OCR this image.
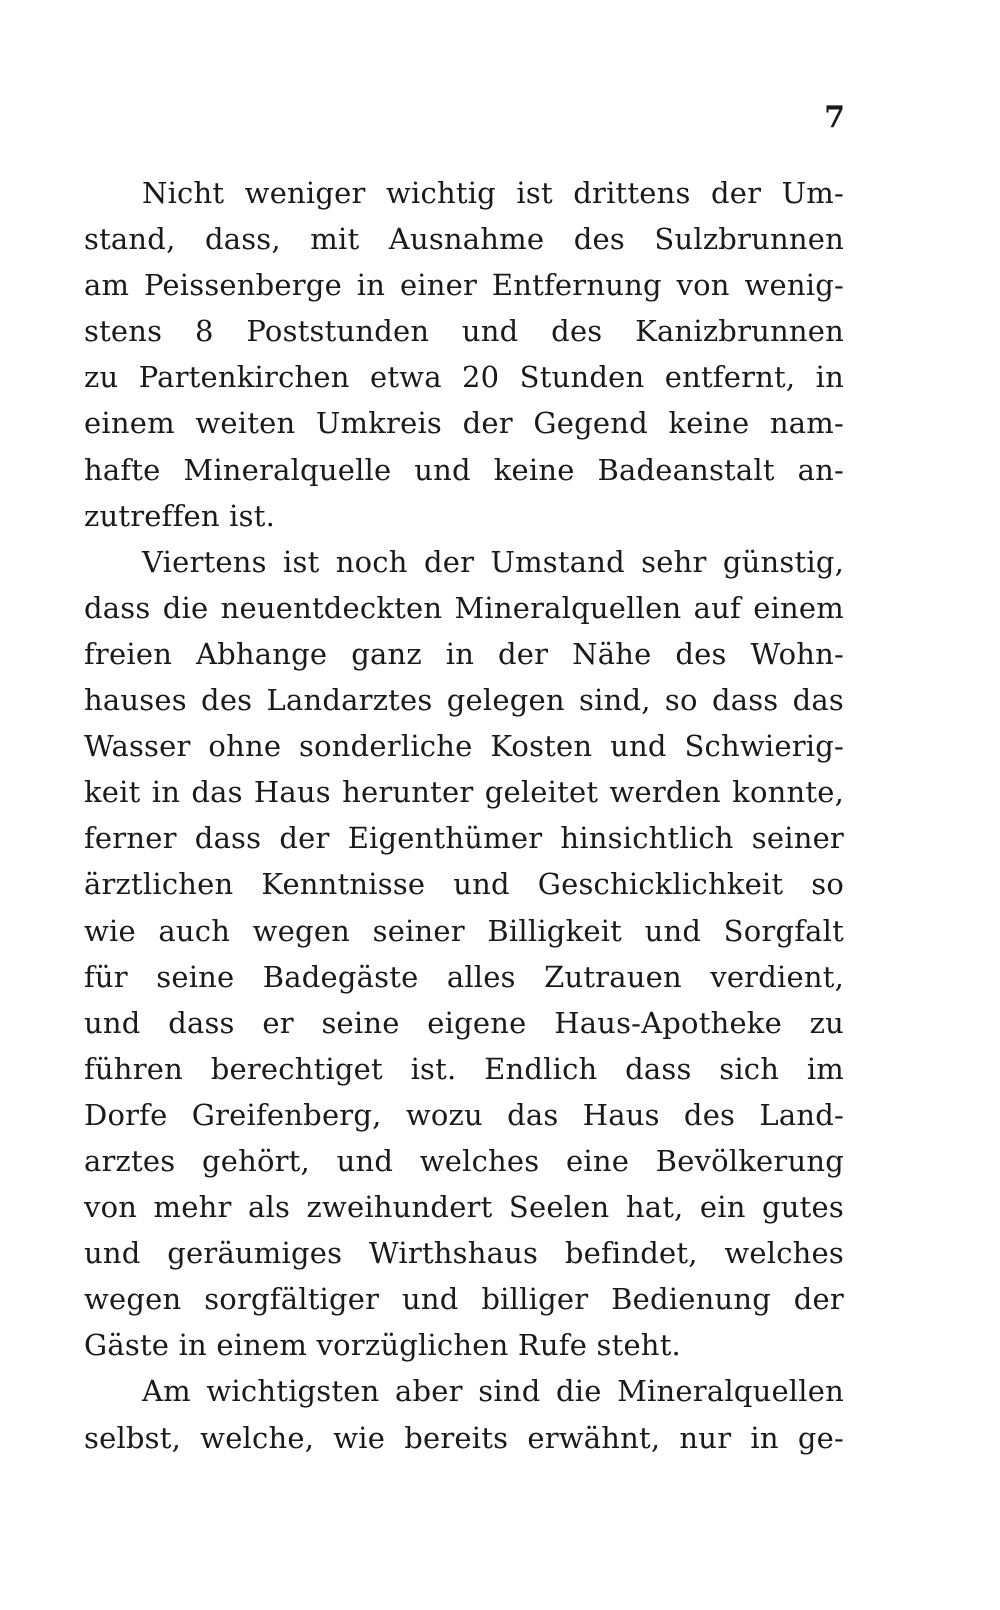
7
Nicht weniger wichtig ist drittens der Um-
stand, dass, mit Ausnahme des Sulzbrunnen
am Peissenberge in einer Entfernung von wenig-
stens 8 Poststunden und des Kanizbrunnen
zu Partenkirchen etwa 20 Stunden entfernt, in
einem weiten Umkreis der Gegend keine nam-
hafte Mineralquelle und keine Badeanstalt an-
zutreffen ist.
Viertens ist noch der Umstand sehr günstig,
dass die neuentdeckten Mineralquellen auf einem
freien Abhange ganz in der Nähe des Wohn-
hauses des Landarztes gelegen sind, so dass das
Wasser ohne sonderliche Kosten und Schwierig-
keit in das Haus herunter geleitet werden konnte,
ferner dass der Eigenthümer hinsichtlich seiner
ärztlichen Kenntnisse und Geschicklichkeit so
wie auch wegen seiner Billigkeit und Sorgfalt
für seine Badegäste alles Zutrauen verdient,
und dass er seine eigene Haus-Apotheke zu
führen berechtiget ist. Endlich dass sich im
Dorfe Greifenberg, wozu das Haus des Land-
arztes gehört, und welches eine Bevölkerung
von mehr als zweihundert Seelen hat, ein gutes
und geräumiges Wirthshaus befindet, welches
wegen sorgfältiger und billiger Bedienung der
Gäste in einem vorzüglichen Rufe steht.
Am wichtigsten aber sind die Mineralquellen
selbst, welche, wie bereits erwähnt, nur in ge-
